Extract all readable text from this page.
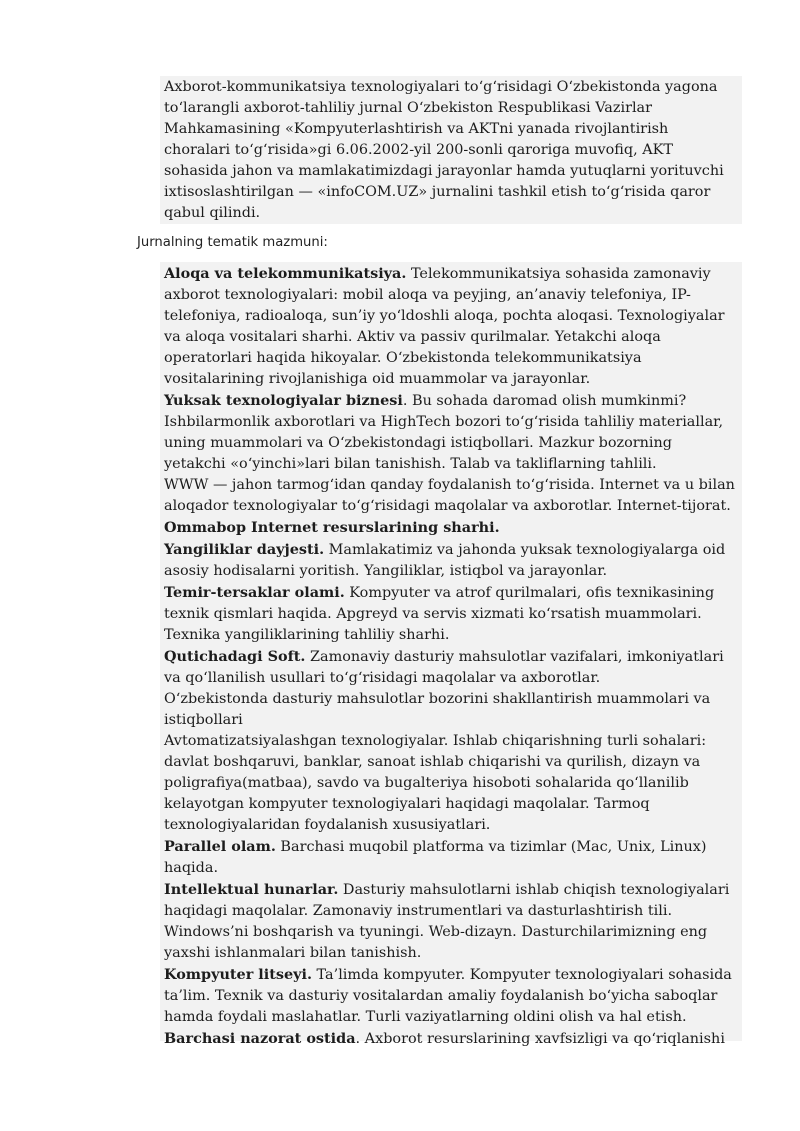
Axborot-kommunikatsiya texnologiyalari to‘g‘risidagi O‘zbekistonda yagona to‘larangli axborot-tahliliy jurnal O‘zbekiston Respublikasi Vazirlar Mahkamasining «Kompyuterlashtirish va AKTni yanada rivojlantirish choralari to‘g‘risida»gi 6.06.2002-yil 200-sonli qaroriga muvofiq, AKT sohasida jahon va mamlakatimizdagi jarayonlar hamda yutuqlarni yorituvchi ixtisoslashtirilgan — «infoCOM.UZ» jurnalini tashkil etish to‘g‘risida qaror qabul qilindi.

Jurnalning tematik mazmuni:

Aloqa va telekommunikatsiya. Telekommunikatsiya sohasida zamonaviy axborot texnologiyalari: mobil aloqa va peyjing, an’anaviy telefoniya, IP-telefoniya, radioaloqa, sun’iy yo‘ldoshli aloqa, pochta aloqasi. Texnologiyalar va aloqa vositalari sharhi. Aktiv va passiv qurilmalar. Yetakchi aloqa operatorlari haqida hikoyalar. O‘zbekistonda telekommunikatsiya vositalarining rivojlanishiga oid muammolar va jarayonlar.

Yuksak texnologiyalar biznesi. Bu sohada daromad olish mumkinmi? Ishbilarmonlik axborotlari va HighTech bozori to‘g‘risida tahliliy materiallar, uning muammolari va O‘zbekistondagi istiqbollari. Mazkur bozorning yetakchi «o‘yinchi»lari bilan tanishish. Talab va takliflarning tahlili.

WWW — jahon tarmog‘idan qanday foydalanish to‘g‘risida. Internet va u bilan aloqador texnologiyalar to‘g‘risidagi maqolalar va axborotlar. Internet-tijorat. Ommabop Internet resurslarining sharhi.

Yangiliklar dayjesti. Mamlakatimiz va jahonda yuksak texnologiyalarga oid asosiy hodisalarni yoritish. Yangiliklar, istiqbol va jarayonlar.

Temir-tersaklar olami. Kompyuter va atrof qurilmalari, ofis texnikasining texnik qismlari haqida. Apgreyd va servis xizmati ko‘rsatish muammolari. Texnika yangiliklarining tahliliy sharhi.

Qutichadagi Soft. Zamonaviy dasturiy mahsulotlar vazifalari, imkoniyatlari va qo‘llanilish usullari to‘g‘risidagi maqolalar va axborotlar.

O‘zbekistonda dasturiy mahsulotlar bozorini shakllantirish muammolari va istiqbollari

Avtomatizatsiyalashgan texnologiyalar. Ishlab chiqarishning turli sohalari: davlat boshqaruvi, banklar, sanoat ishlab chiqarishi va qurilish, dizayn va poligrafiya(matbaa), savdo va bugalteriya hisoboti sohalarida qo‘llanilib kelayotgan kompyuter texnologiyalari haqidagi maqolalar. Tarmoq texnologiyalaridan foydalanish xususiyatlari.

Parallel olam. Barchasi muqobil platforma va tizimlar (Mac, Unix, Linux) haqida.

Intellektual hunarlar. Dasturiy mahsulotlarni ishlab chiqish texnologiyalari haqidagi maqolalar. Zamonaviy instrumentlari va dasturlashtirish tili. Windows’ni boshqarish va tyuningi. Web-dizayn. Dasturchilarimizning eng yaxshi ishlanmalari bilan tanishish.

Kompyuter litseyi. Ta’limda kompyuter. Kompyuter texnologiyalari sohasida ta’lim. Texnik va dasturiy vositalardan amaliy foydalanish bo‘yicha saboqlar hamda foydali maslahatlar. Turli vaziyatlarning oldini olish va hal etish.

Barchasi nazorat ostida. Axborot resurslarining xavfsizligi va qo‘riqlanishi
